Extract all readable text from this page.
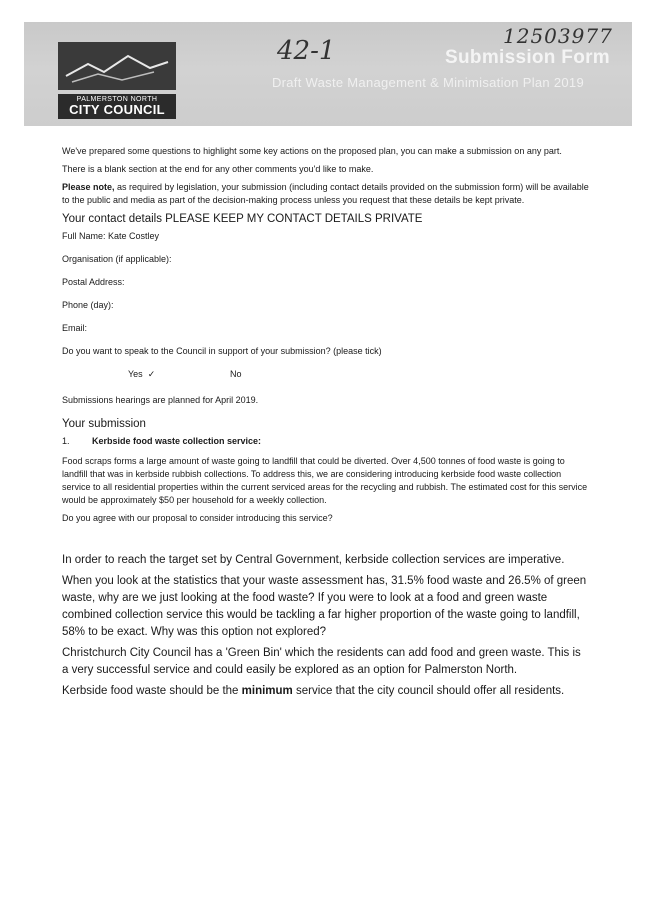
PALMERSTON NORTH
CITY COUNCIL
Submission Form
Draft Waste Management & Minimisation Plan 2019
12503977
42-1

We've prepared some questions to highlight some key actions on the proposed plan, you can make a submission on any part.

There is a blank section at the end for any other comments you'd like to make.

Please note, as required by legislation, your submission (including contact details provided on the submission form) will be available to the public and media as part of the decision-making process unless you request that these details be kept private.

Your contact details PLEASE KEEP MY CONTACT DETAILS PRIVATE
Full Name: Kate Costley
Organisation (if applicable):
Postal Address:
Phone (day):
Email:
Do you want to speak to the Council in support of your submission? (please tick)
Yes ✓	No
Submissions hearings are planned for April 2019.
Your submission
1. Kerbside food waste collection service:

Food scraps forms a large amount of waste going to landfill that could be diverted. Over 4,500 tonnes of food waste is going to landfill that was in kerbside rubbish collections. To address this, we are considering introducing kerbside food waste collection service to all residential properties within the current serviced areas for the recycling and rubbish. The estimated cost for this service would be approximately $50 per household for a weekly collection.

Do you agree with our proposal to consider introducing this service?

In order to reach the target set by Central Government, kerbside collection services are imperative.

When you look at the statistics that your waste assessment has, 31.5% food waste and 26.5% of green waste, why are we just looking at the food waste? If you were to look at a food and green waste combined collection service this would be tackling a far higher proportion of the waste going to landfill, 58% to be exact. Why was this option not explored?

Christchurch City Council has a 'Green Bin' which the residents can add food and green waste. This is a very successful service and could easily be explored as an option for Palmerston North.

Kerbside food waste should be the minimum service that the city council should offer all residents.
